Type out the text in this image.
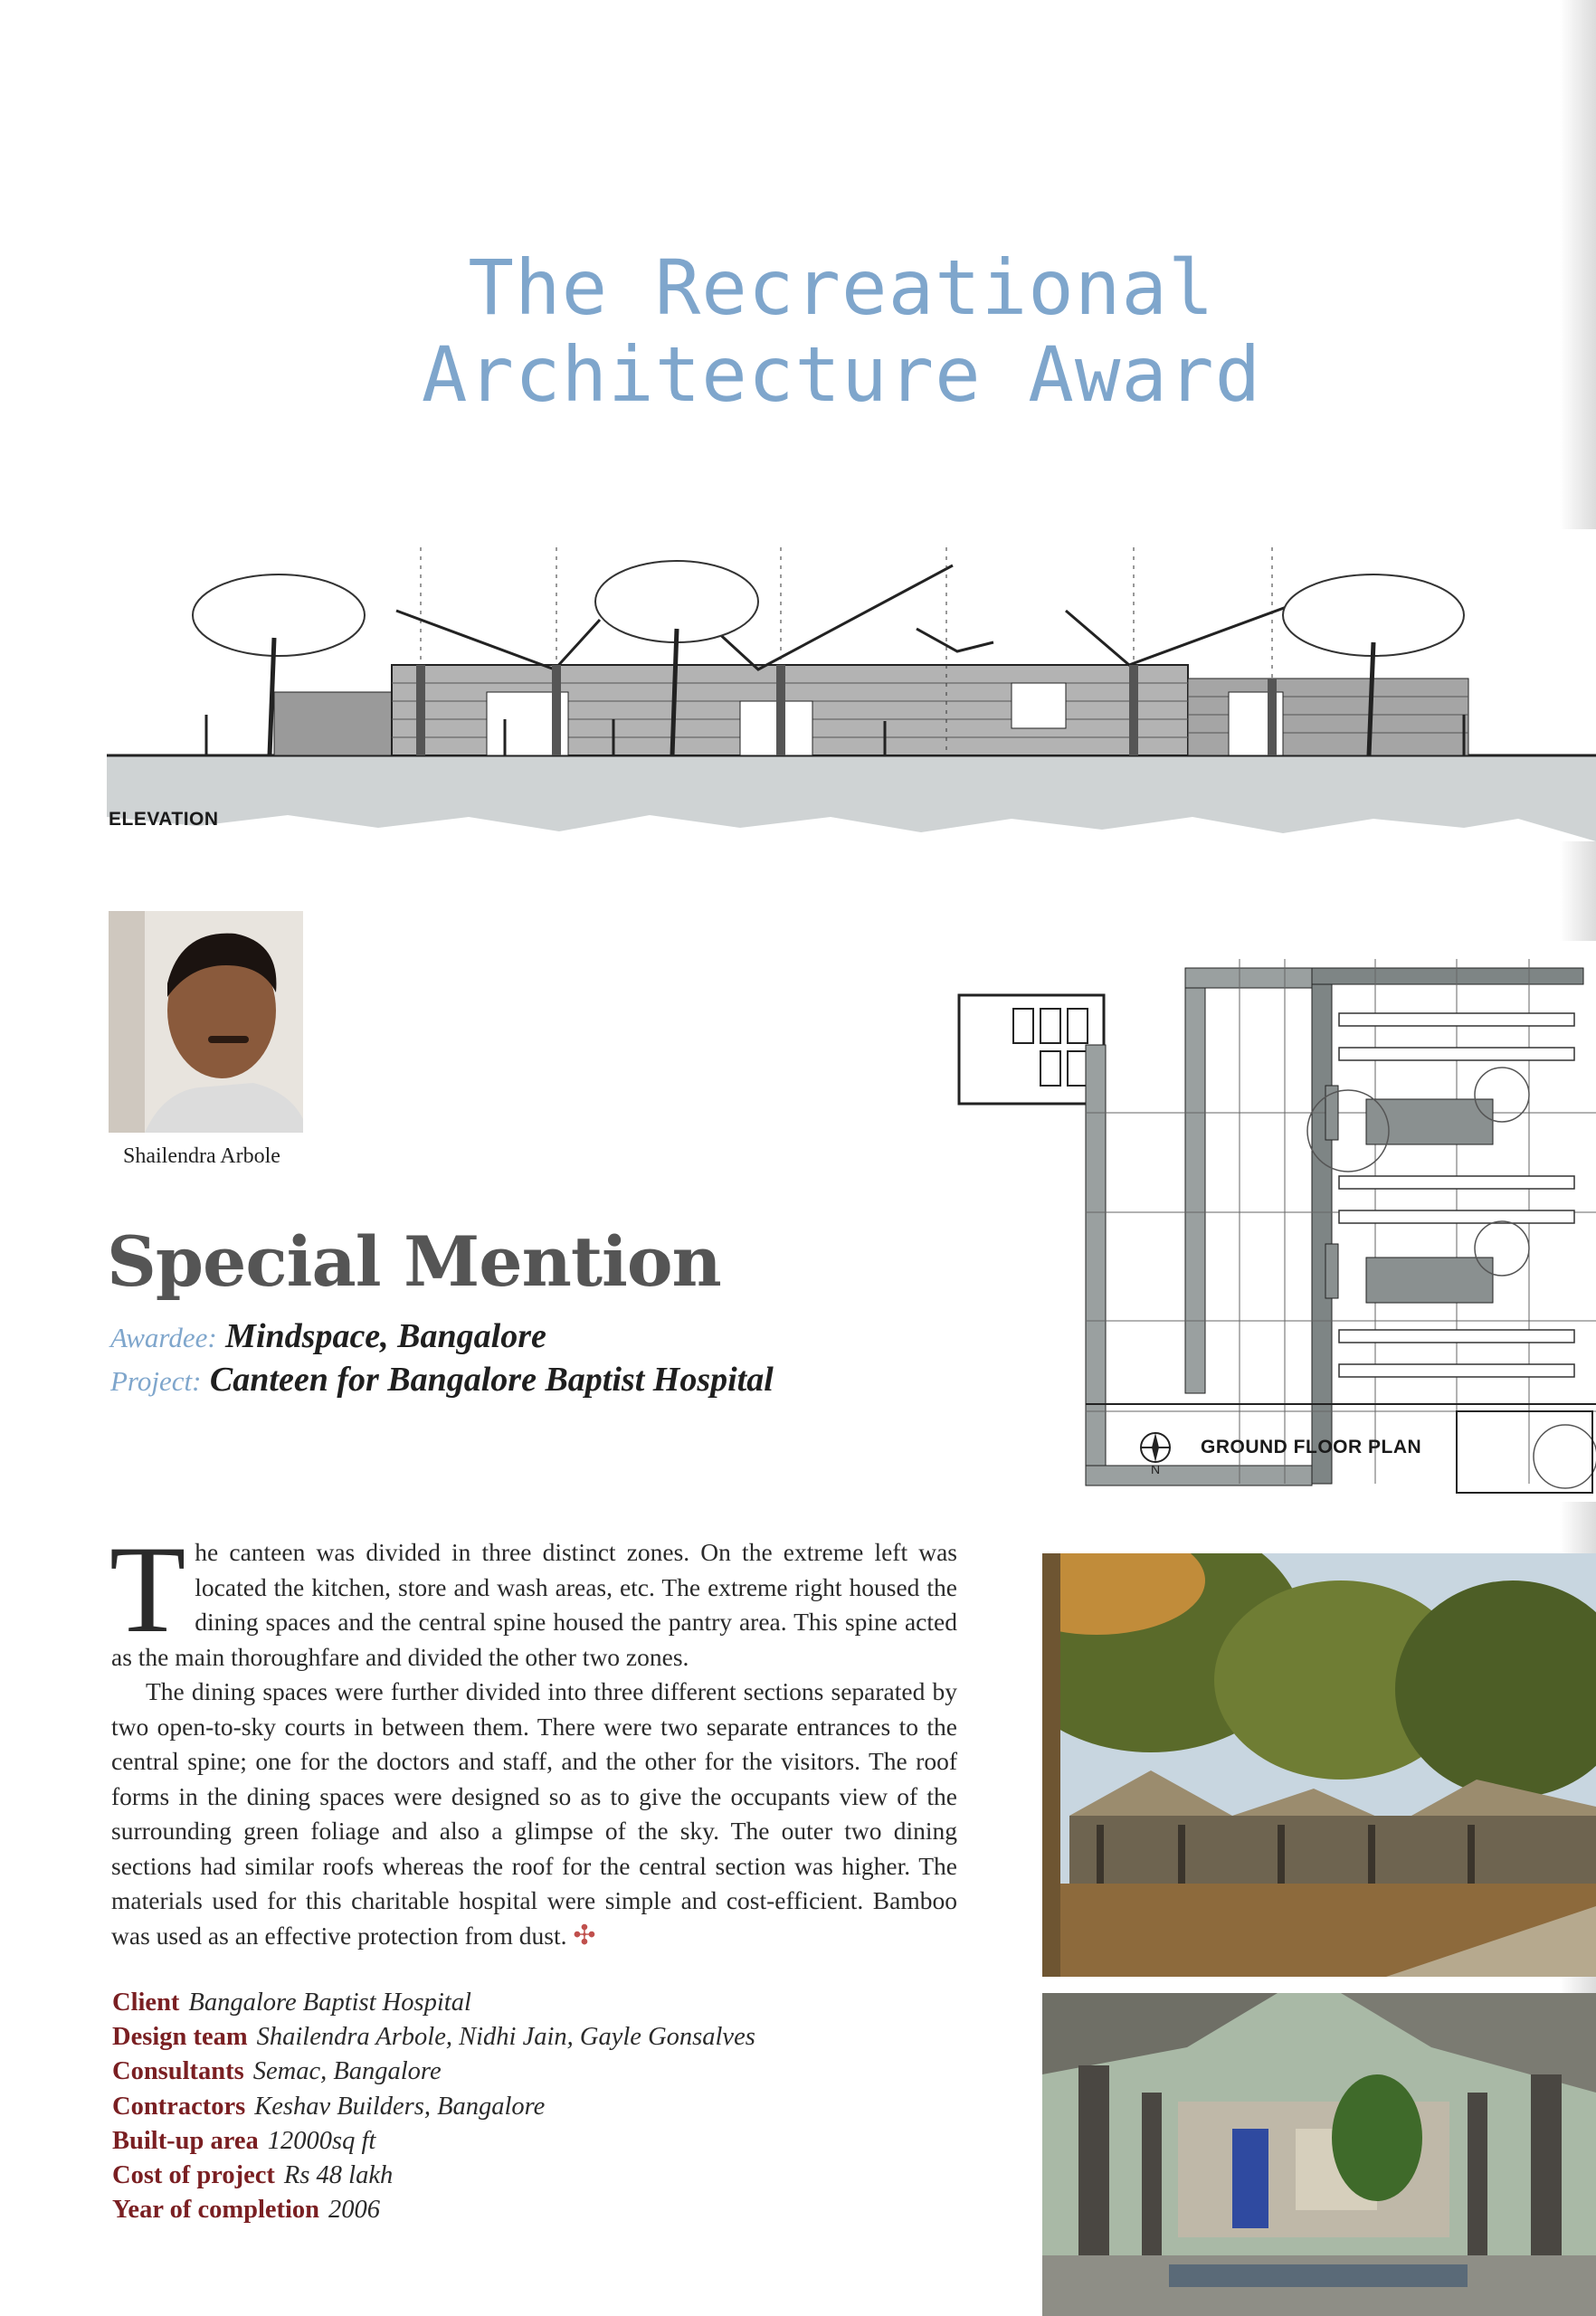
The Recreational
Architecture Award
ELEVATION
Shailendra Arbole
Special Mention
Awardee: Mindspace, Bangalore
Project: Canteen for Bangalore Baptist Hospital
N
GROUND FLOOR PLAN

The canteen was divided in three distinct zones. On the extreme left was located the kitchen, store and wash areas, etc. The extreme right housed the dining spaces and the central spine housed the pantry area. This spine acted as the main thoroughfare and divided the other two zones.

The dining spaces were further divided into three different sections separated by two open-to-sky courts in between them. There were two separate entrances to the central spine; one for the doctors and staff, and the other for the visitors. The roof forms in the dining spaces were designed so as to give the occupants view of the surrounding green foliage and also a glimpse of the sky. The outer two dining sections had similar roofs whereas the roof for the central section was higher. The materials used for this charitable hospital were simple and cost-efficient. Bamboo was used as an effective protection from dust. ✣

Client Bangalore Baptist Hospital
Design team Shailendra Arbole, Nidhi Jain, Gayle Gonsalves
Consultants Semac, Bangalore
Contractors Keshav Builders, Bangalore
Built-up area 12000sq ft
Cost of project Rs 48 lakh
Year of completion 2006
